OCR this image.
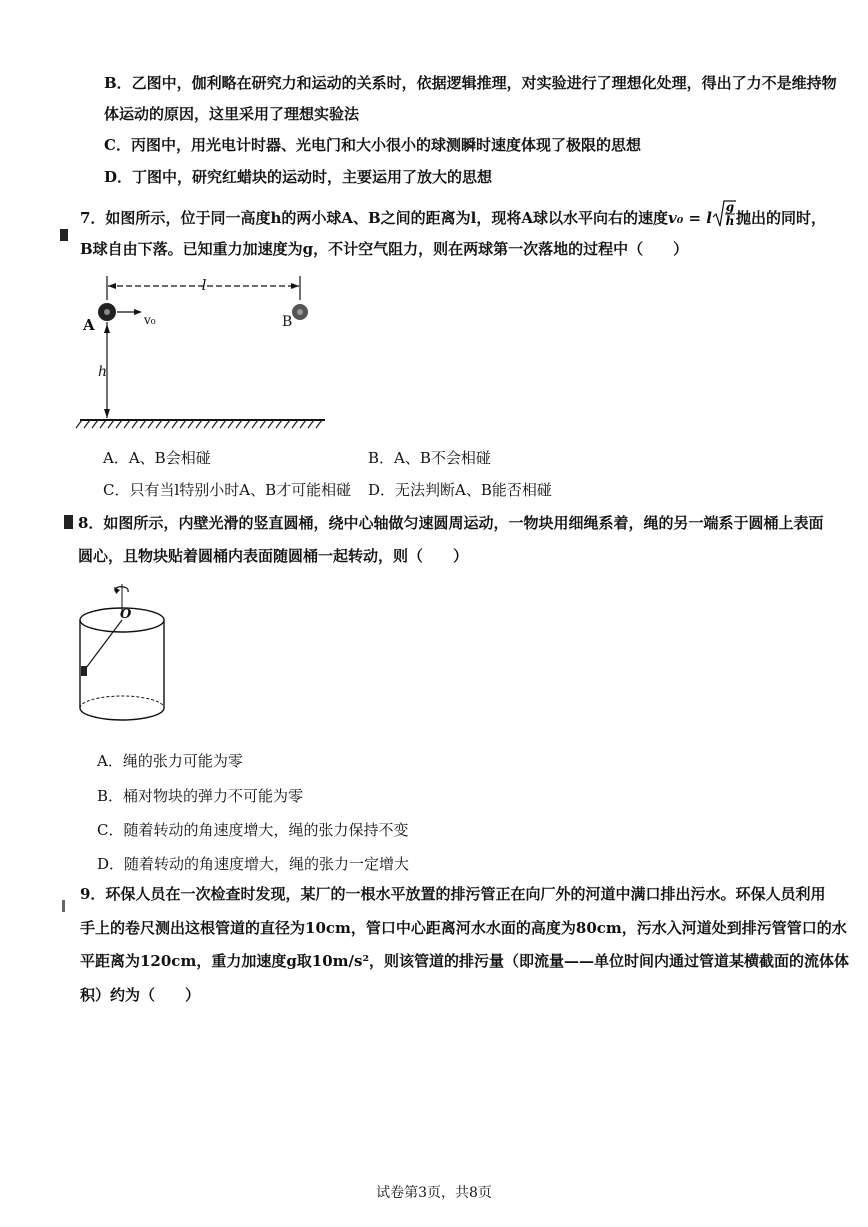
B．乙图中，伽利略在研究力和运动的关系时，依据逻辑推理，对实验进行了理想化处理，得出了力不是维持物
体运动的原因，这里采用了理想实验法
C．丙图中，用光电计时器、光电门和大小很小的球测瞬时速度体现了极限的思想
D．丁图中，研究红蜡块的运动时，主要运用了放大的思想
7．如图所示，位于同一高度h的两小球A、B之间的距离为l，现将A球以水平向右的速度v₀ = l
g
h 抛出的同时，
B球自由下落。已知重力加速度为g，不计空气阻力，则在两球第一次落地的过程中（　　）
l
A	v₀	B
h
A．A、B会相碰	B．A、B不会相碰
C．只有当l特别小时A、B才可能相碰 D．无法判断A、B能否相碰
8．如图所示，内壁光滑的竖直圆桶，绕中心轴做匀速圆周运动，一物块用细绳系着，绳的另一端系于圆桶上表面
圆心，且物块贴着圆桶内表面随圆桶一起转动，则（　　）
O
A．绳的张力可能为零
B．桶对物块的弹力不可能为零
C．随着转动的角速度增大，绳的张力保持不变
D．随着转动的角速度增大，绳的张力一定增大
9．环保人员在一次检查时发现，某厂的一根水平放置的排污管正在向厂外的河道中满口排出污水。环保人员利用
手上的卷尺测出这根管道的直径为10cm，管口中心距离河水水面的高度为80cm，污水入河道处到排污管管口的水
平距离为120cm，重力加速度g取10m/s²，则该管道的排污量（即流量——单位时间内通过管道某横截面的流体体
积）约为（　　）
试卷第3页，共8页
